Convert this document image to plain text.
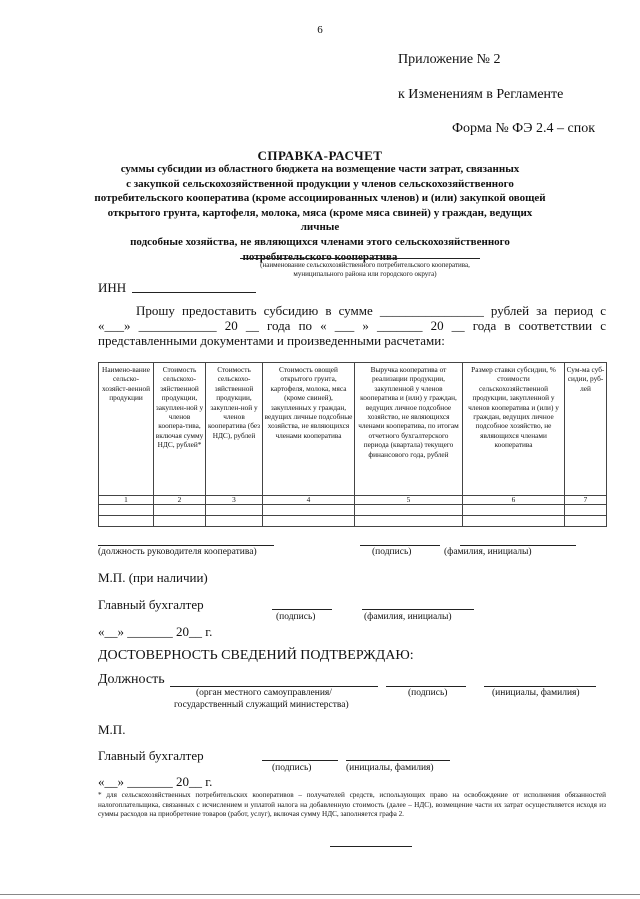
6
Приложение № 2
к Изменениям в Регламенте
Форма № ФЭ 2.4 – спок
СПРАВКА-РАСЧЕТ
суммы субсидии из областного бюджета на возмещение части затрат, связанных
с закупкой сельскохозяйственной продукции у членов сельскохозяйственного
потребительского кооператива (кроме ассоциированных членов) и (или) закупкой овощей
открытого грунта, картофеля, молока, мяса (кроме мяса свиней) у граждан, ведущих личные
подсобные хозяйства, не являющихся членами этого сельскохозяйственного
потребительского кооператива
(наименование сельскохозяйственного потребительского кооператива,
муниципального района или городского округа)
ИНН
Прошу предоставить субсидию в сумме ________________ рублей за период с «___» ____________ 20 __ года по « ___ » _______ 20 __ года в соответствии с представленными документами и произведенными расчетами:
Наимено-вание сельско-хозяйст-венной продукции	Стоимость сельскохо-зяйственной продукции, закуплен-ной у членов коопера-тива, включая сумму НДС, рублей*	Стоимость сельскохо-зяйственной продукции, закуплен-ной у членов кооператива (без НДС), рублей	Стоимость овощей открытого грунта, картофеля, молока, мяса (кроме свиней), закупленных у граждан, ведущих личные подсобные хозяйства, не являющихся членами кооператива	Выручка кооператива от реализации продукции, закупленной у членов кооператива и (или) у граждан, ведущих личное подсобное хозяйство, не являющихся членами кооператива, по итогам отчетного бухгалтерского периода (квартала) текущего финансового года, рублей	Размер ставки субсидии, % стоимости сельскохозяйственной продукции, закупленной у членов кооператива и (или) у граждан, ведущих личное подсобное хозяйство, не являющихся членами кооператива	Сум-ма суб-сидии, руб-лей
1	2	3	4	5	6	7

(должность руководителя кооператива)	(подпись)	(фамилия, инициалы)
М.П. (при наличии)
Главный бухгалтер
(подпись)	(фамилия, инициалы)
«__» _______ 20__ г.
ДОСТОВЕРНОСТЬ СВЕДЕНИЙ ПОДТВЕРЖДАЮ:
Должность
(орган местного самоуправления/
государственный служащий министерства)
(подпись)	(инициалы, фамилия)
М.П.
Главный бухгалтер
(подпись)	(инициалы, фамилия)
«__» _______ 20__ г.
* для сельскохозяйственных потребительских кооперативов – получателей средств, использующих право на освобождение от исполнения обязанностей налогоплательщика, связанных с исчислением и уплатой налога на добавленную стоимость (далее – НДС), возмещение части их затрат осуществляется исходя из суммы расходов на приобретение товаров (работ, услуг), включая сумму НДС, заполняется графа 2.
